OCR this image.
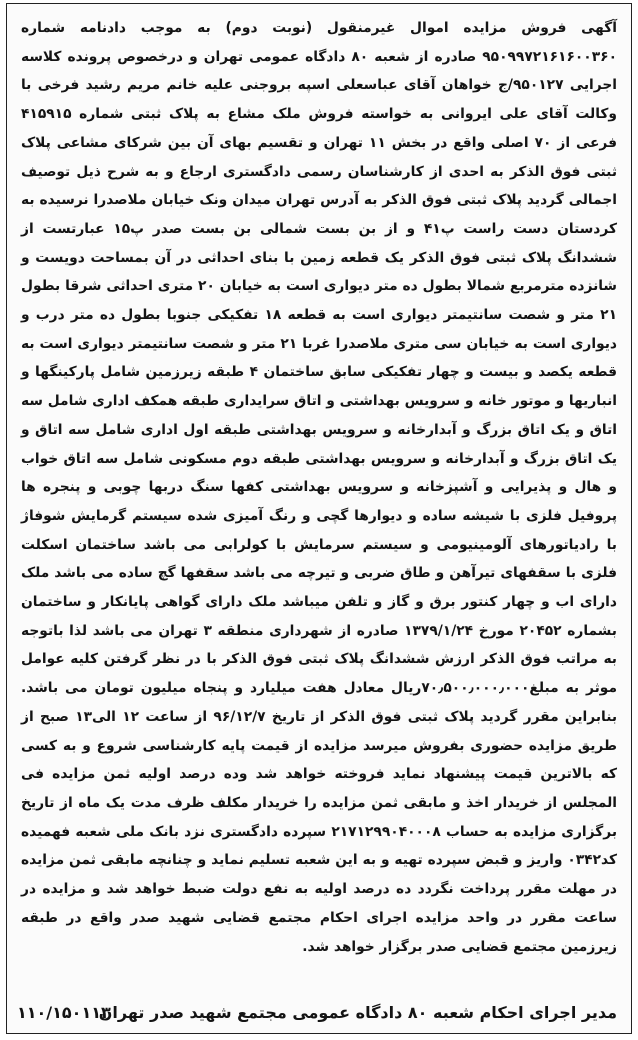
آگهی فروش مزایده اموال غیرمنقول (نوبت دوم) به موجب دادنامه شماره ۹۵۰۹۹۷۲۱۶۱۶۰۰۳۶۰ صادره از شعبه ۸۰ دادگاه عمومی تهران و درخصوص پرونده کلاسه اجرایی ۹۵۰۱۲۷/ج خواهان آقای عباسعلی اسپه بروجنی علیه خانم مریم رشید فرخی با وکالت آقای علی ایروانی به خواسته فروش ملک مشاع به پلاک ثبتی شماره ۴۱۵۹۱۵ فرعی از ۷۰ اصلی واقع در بخش ۱۱ تهران و تقسیم بهای آن بین شرکای مشاعی پلاک ثبتی فوق الذکر به احدی از کارشناسان رسمی دادگستری ارجاع و به شرح ذیل توصیف اجمالی گردید پلاک ثبتی فوق الذکر به آدرس تهران میدان ونک خیابان ملاصدرا نرسیده به کردستان دست راست پ۴۱ و از بن بست شمالی بن بست صدر پ۱۵ عبارتست از ششدانگ پلاک ثبتی فوق الذکر یک قطعه زمین با بنای احداثی در آن بمساحت دویست و شانزده مترمربع شمالا بطول ده متر دیواری است به خیابان ۲۰ متری احداثی شرقا بطول ۲۱ متر و شصت سانتیمتر دیواری است به قطعه ۱۸ تفکیکی جنوبا بطول ده متر درب و دیواری است به خیابان سی متری ملاصدرا غربا ۲۱ متر و شصت سانتیمتر دیواری است به قطعه یکصد و بیست و چهار تفکیکی سابق ساختمان ۴ طبقه زیرزمین شامل پارکینگها و انباریها و موتور خانه و سرویس بهداشتی و اتاق سرایداری طبقه همکف اداری شامل سه اتاق و یک اتاق بزرگ و آبدارخانه و سرویس بهداشتی طبقه اول اداری شامل سه اتاق و یک اتاق بزرگ و آبدارخانه و سرویس بهداشتی طبقه دوم مسکونی شامل سه اتاق خواب و هال و پذیرایی و آشپزخانه و سرویس بهداشتی کفها سنگ دربها چوبی و پنجره ها پروفیل فلزی با شیشه ساده و دیوارها گچی و رنگ آمیزی شده سیستم گرمایش شوفاژ با رادیاتورهای آلومینیومی و سیستم سرمایش با کولرابی می باشد ساختمان اسکلت فلزی با سقفهای تیرآهن و طاق ضربی و تیرچه می باشد سقفها گچ ساده می باشد ملک دارای اب و چهار کنتور برق و گاز و تلفن میباشد ملک دارای گواهی پایانکار و ساختمان بشماره ۲۰۴۵۲ مورخ ۱۳۷۹/۱/۲۴ صادره از شهرداری منطقه ۳ تهران می باشد لذا باتوجه به مراتب فوق الذکر ارزش ششدانگ پلاک ثبتی فوق الذکر با در نظر گرفتن کلیه عوامل موثر به مبلغ۷۰٫۵۰۰٫۰۰۰٫۰۰۰ریال معادل هفت میلیارد و پنجاه میلیون تومان می باشد.
بنابراین مقرر گردید پلاک ثبتی فوق الذکر از تاریخ ۹۶/۱۲/۷ از ساعت ۱۲ الی۱۳ صبح از طریق مزایده حضوری بفروش میرسد مزایده از قیمت پایه کارشناسی شروع و به کسی که بالاترین قیمت پیشنهاد نماید فروخته خواهد شد وده درصد اولیه ثمن مزایده فی المجلس از خریدار اخذ و مابقی ثمن مزایده را خریدار مکلف ظرف مدت یک ماه از تاریخ برگزاری مزایده به حساب ۲۱۷۱۲۹۹۰۴۰۰۰۸ سپرده دادگستری نزد بانک ملی شعبه فهمیده کد۰۳۴۲ واریز و قبض سپرده تهیه و به این شعبه تسلیم نماید و چنانچه مابقی ثمن مزایده در مهلت مقرر پرداخت نگردد ده درصد اولیه به نفع دولت ضبط خواهد شد و مزایده در ساعت مقرر در واحد مزایده اجرای احکام مجتمع قضایی شهید صدر واقع در طبقه زیرزمین مجتمع قضایی صدر برگزار خواهد شد.

مدیر اجرای احکام شعبه ۸۰ دادگاه عمومی مجتمع شهید صدر تهران
۱۱۰/۱۵۰۱۱۳
